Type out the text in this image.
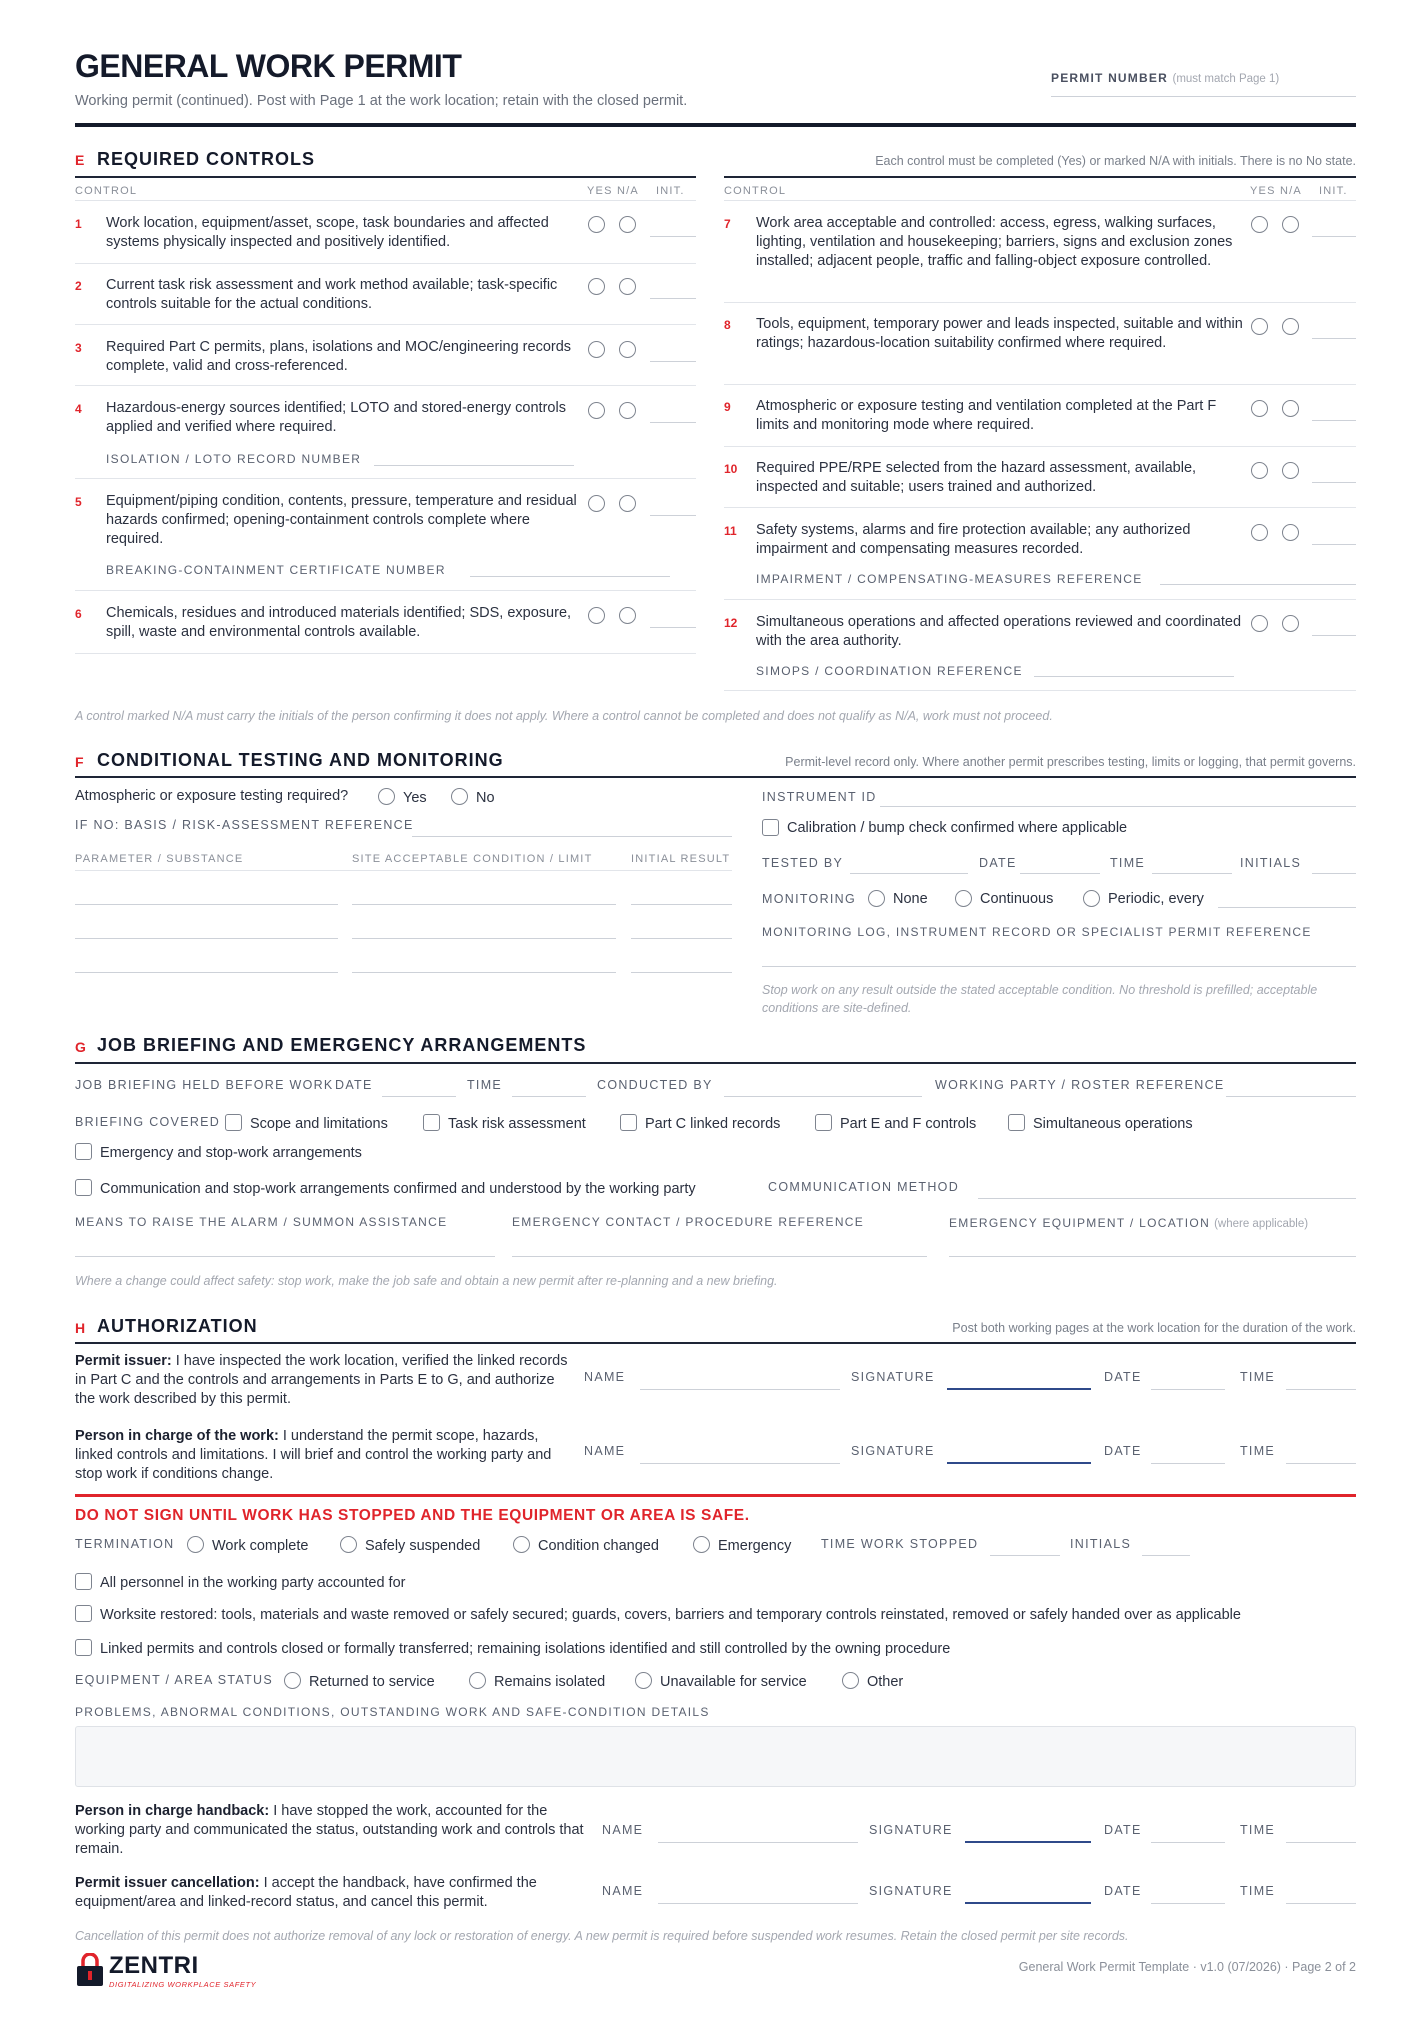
GENERAL WORK PERMIT
Working permit (continued). Post with Page 1 at the work location; retain with the closed permit.
PERMIT NUMBER (must match Page 1)
E REQUIRED CONTROLS	Each control must be completed (Yes) or marked N/A with initials. There is no No state.
CONTROL	YES N/A INIT.	CONTROL	YES N/A INIT.
1 Work location, equipment/asset, scope, task boundaries and affected systems physically inspected and positively identified.
2 Current task risk assessment and work method available; task-specific controls suitable for the actual conditions.
3 Required Part C permits, plans, isolations and MOC/engineering records complete, valid and cross-referenced.
4 Hazardous-energy sources identified; LOTO and stored-energy controls applied and verified where required.
ISOLATION / LOTO RECORD NUMBER
5 Equipment/piping condition, contents, pressure, temperature and residual hazards confirmed; opening-containment controls complete where required.
BREAKING-CONTAINMENT CERTIFICATE NUMBER
6 Chemicals, residues and introduced materials identified; SDS, exposure, spill, waste and environmental controls available.
7 Work area acceptable and controlled: access, egress, walking surfaces, lighting, ventilation and housekeeping; barriers, signs and exclusion zones installed; adjacent people, traffic and falling-object exposure controlled.
8 Tools, equipment, temporary power and leads inspected, suitable and within ratings; hazardous-location suitability confirmed where required.
9 Atmospheric or exposure testing and ventilation completed at the Part F limits and monitoring mode where required.
10 Required PPE/RPE selected from the hazard assessment, available, inspected and suitable; users trained and authorized.
11 Safety systems, alarms and fire protection available; any authorized impairment and compensating measures recorded.
IMPAIRMENT / COMPENSATING-MEASURES REFERENCE
12 Simultaneous operations and affected operations reviewed and coordinated with the area authority.
SIMOPS / COORDINATION REFERENCE
A control marked N/A must carry the initials of the person confirming it does not apply. Where a control cannot be completed and does not qualify as N/A, work must not proceed.
F CONDITIONAL TESTING AND MONITORING	Permit-level record only. Where another permit prescribes testing, limits or logging, that permit governs.
Atmospheric or exposure testing required?	Yes	No
IF NO: BASIS / RISK-ASSESSMENT REFERENCE
PARAMETER / SUBSTANCE	SITE ACCEPTABLE CONDITION / LIMIT	INITIAL RESULT
INSTRUMENT ID
Calibration / bump check confirmed where applicable
TESTED BY	DATE	TIME	INITIALS
MONITORING	None	Continuous	Periodic, every
MONITORING LOG, INSTRUMENT RECORD OR SPECIALIST PERMIT REFERENCE
Stop work on any result outside the stated acceptable condition. No threshold is prefilled; acceptable conditions are site-defined.
G JOB BRIEFING AND EMERGENCY ARRANGEMENTS
JOB BRIEFING HELD BEFORE WORK DATE	TIME	CONDUCTED BY	WORKING PARTY / ROSTER REFERENCE
BRIEFING COVERED Scope and limitations	Task risk assessment	Part C linked records	Part E and F controls	Simultaneous operations
Emergency and stop-work arrangements
Communication and stop-work arrangements confirmed and understood by the working party	COMMUNICATION METHOD
MEANS TO RAISE THE ALARM / SUMMON ASSISTANCE	EMERGENCY CONTACT / PROCEDURE REFERENCE	EMERGENCY EQUIPMENT / LOCATION (where applicable)
Where a change could affect safety: stop work, make the job safe and obtain a new permit after re-planning and a new briefing.
H AUTHORIZATION	Post both working pages at the work location for the duration of the work.
Permit issuer: I have inspected the work location, verified the linked records in Part C and the controls and arrangements in Parts E to G, and authorize the work described by this permit.
NAME	SIGNATURE	DATE	TIME
Person in charge of the work: I understand the permit scope, hazards, linked controls and limitations. I will brief and control the working party and stop work if conditions change.
NAME	SIGNATURE	DATE	TIME
DO NOT SIGN UNTIL WORK HAS STOPPED AND THE EQUIPMENT OR AREA IS SAFE.
TERMINATION	Work complete	Safely suspended	Condition changed	Emergency TIME WORK STOPPED	INITIALS
All personnel in the working party accounted for
Worksite restored: tools, materials and waste removed or safely secured; guards, covers, barriers and temporary controls reinstated, removed or safely handed over as applicable
Linked permits and controls closed or formally transferred; remaining isolations identified and still controlled by the owning procedure
EQUIPMENT / AREA STATUS Returned to service	Remains isolated	Unavailable for service	Other
PROBLEMS, ABNORMAL CONDITIONS, OUTSTANDING WORK AND SAFE-CONDITION DETAILS
Person in charge handback: I have stopped the work, accounted for the working party and communicated the status, outstanding work and controls that remain.
NAME	SIGNATURE	DATE	TIME
Permit issuer cancellation: I accept the handback, have confirmed the equipment/area and linked-record status, and cancel this permit.
NAME	SIGNATURE	DATE	TIME
Cancellation of this permit does not authorize removal of any lock or restoration of energy. A new permit is required before suspended work resumes. Retain the closed permit per site records.
ZENTRI
DIGITALIZING WORKPLACE SAFETY
General Work Permit Template · v1.0 (07/2026) · Page 2 of 2
